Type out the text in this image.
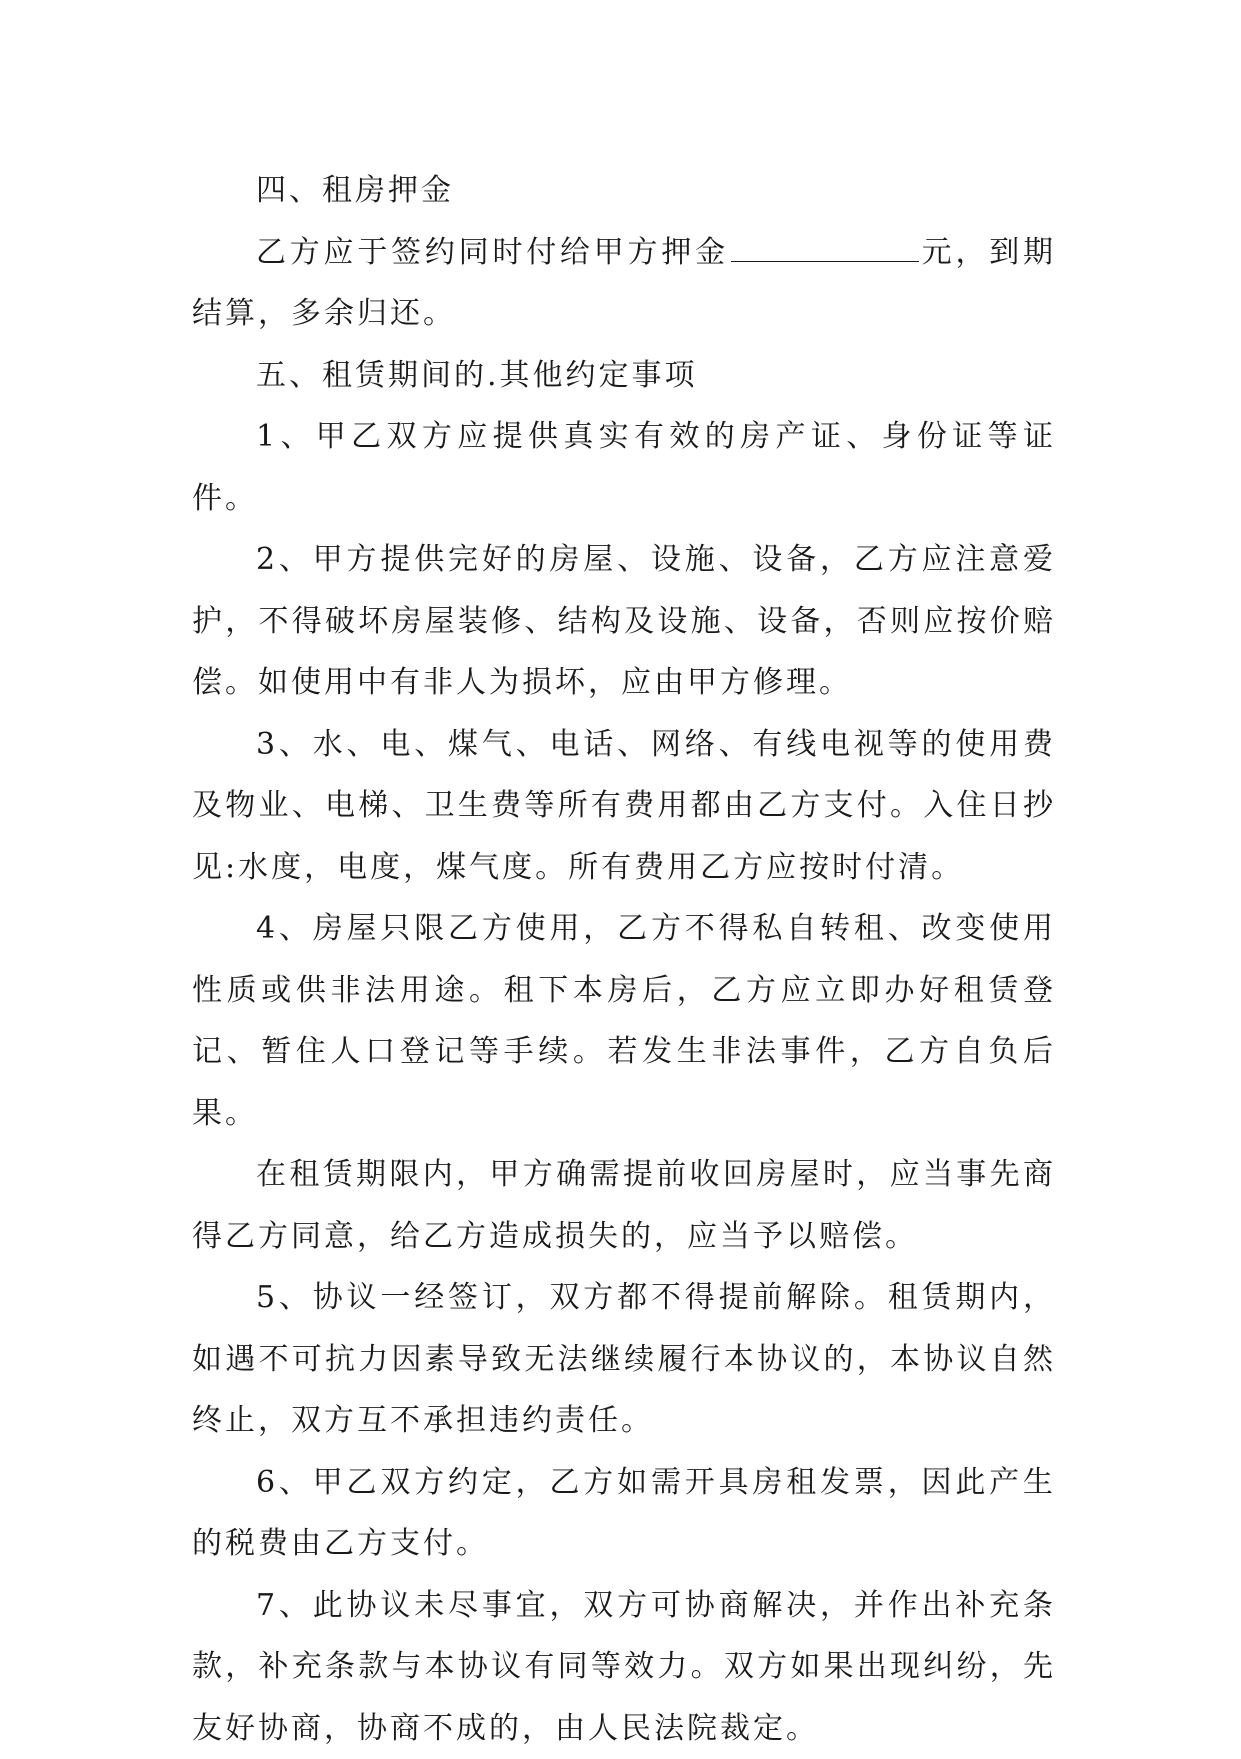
四、租房押金

乙方应于签约同时付给甲方押金	元，到期结算，多余归还。

五、租赁期间的.其他约定事项

1、甲乙双方应提供真实有效的房产证、身份证等证件。

2、甲方提供完好的房屋、设施、设备，乙方应注意爱护，不得破坏房屋装修、结构及设施、设备，否则应按价赔偿。如使用中有非人为损坏，应由甲方修理。

3、水、电、煤气、电话、网络、有线电视等的使用费及物业、电梯、卫生费等所有费用都由乙方支付。入住日抄见:水度，电度，煤气度。所有费用乙方应按时付清。

4、房屋只限乙方使用，乙方不得私自转租、改变使用性质或供非法用途。租下本房后，乙方应立即办好租赁登记、暂住人口登记等手续。若发生非法事件，乙方自负后果。

在租赁期限内，甲方确需提前收回房屋时，应当事先商得乙方同意，给乙方造成损失的，应当予以赔偿。

5、协议一经签订，双方都不得提前解除。租赁期内，如遇不可抗力因素导致无法继续履行本协议的，本协议自然终止，双方互不承担违约责任。

6、甲乙双方约定，乙方如需开具房租发票，因此产生的税费由乙方支付。

7、此协议未尽事宜，双方可协商解决，并作出补充条款，补充条款与本协议有同等效力。双方如果出现纠纷，先友好协商，协商不成的，由人民法院裁定。
